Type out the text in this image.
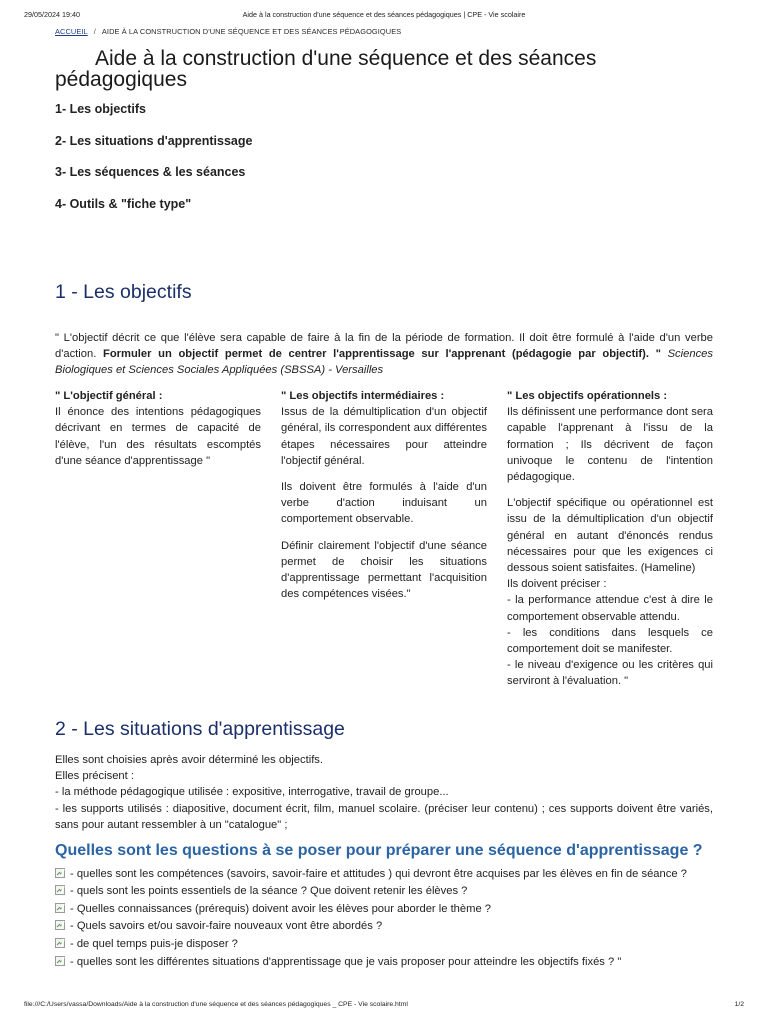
29/05/2024 19:40	Aide à la construction d'une séquence et des séances pédagogiques | CPE - Vie scolaire
ACCUEIL / AIDE À LA CONSTRUCTION D'UNE SÉQUENCE ET DES SÉANCES PÉDAGOGIQUES
Aide à la construction d'une séquence et des séances pédagogiques
1- Les objectifs
2- Les situations d'apprentissage
3- Les séquences & les séances
4- Outils & "fiche type"
1 - Les objectifs

" L'objectif décrit ce que l'élève sera capable de faire à la fin de la période de formation. Il doit être formulé à l'aide d'un verbe d'action. Formuler un objectif permet de centrer l'apprentissage sur l'apprenant (pédagogie par objectif). " Sciences Biologiques et Sciences Sociales Appliquées (SBSSA) - Versailles

" L'objectif général :
Il énonce des intentions pédagogiques décrivant en termes de capacité de l'élève, l'un des résultats escomptés d'une séance d'apprentissage "

" Les objectifs intermédiaires :
Issus de la démultiplication d'un objectif général, ils correspondent aux différentes étapes nécessaires pour atteindre l'objectif général.

Ils doivent être formulés à l'aide d'un verbe d'action induisant un comportement observable.

Définir clairement l'objectif d'une séance permet de choisir les situations d'apprentissage permettant l'acquisition des compétences visées."

" Les objectifs opérationnels :
Ils définissent une performance dont sera capable l'apprenant à l'issu de la formation ; Ils décrivent de façon univoque le contenu de l'intention pédagogique.

L'objectif spécifique ou opérationnel est issu de la démultiplication d'un objectif général en autant d'énoncés rendus nécessaires pour que les exigences ci dessous soient satisfaites. (Hameline)

Ils doivent préciser :

- la performance attendue c'est à dire le comportement observable attendu.

- les conditions dans lesquels ce comportement doit se manifester.

- le niveau d'exigence ou les critères qui serviront à l'évaluation. "

2 - Les situations d'apprentissage
Elles sont choisies après avoir déterminé les objectifs.
Elles précisent :
- la méthode pédagogique utilisée : expositive, interrogative, travail de groupe...
- les supports utilisés : diapositive, document écrit, film, manuel scolaire. (préciser leur contenu) ; ces supports doivent être variés, sans pour autant ressembler à un "catalogue" ;
Quelles sont les questions à se poser pour préparer une séquence d'apprentissage ?
- quelles sont les compétences (savoirs, savoir-faire et attitudes ) qui devront être acquises par les élèves en fin de séance ?
- quels sont les points essentiels de la séance ? Que doivent retenir les élèves ?
- Quelles connaissances (prérequis) doivent avoir les élèves pour aborder le thème ?
- Quels savoirs et/ou savoir-faire nouveaux vont être abordés ?
- de quel temps puis-je disposer ?
- quelles sont les différentes situations d'apprentissage que je vais proposer pour atteindre les objectifs fixés ? "
file:///C:/Users/vassa/Downloads/Aide à la construction d'une séquence et des séances pédagogiques _ CPE - Vie scolaire.html	1/2
